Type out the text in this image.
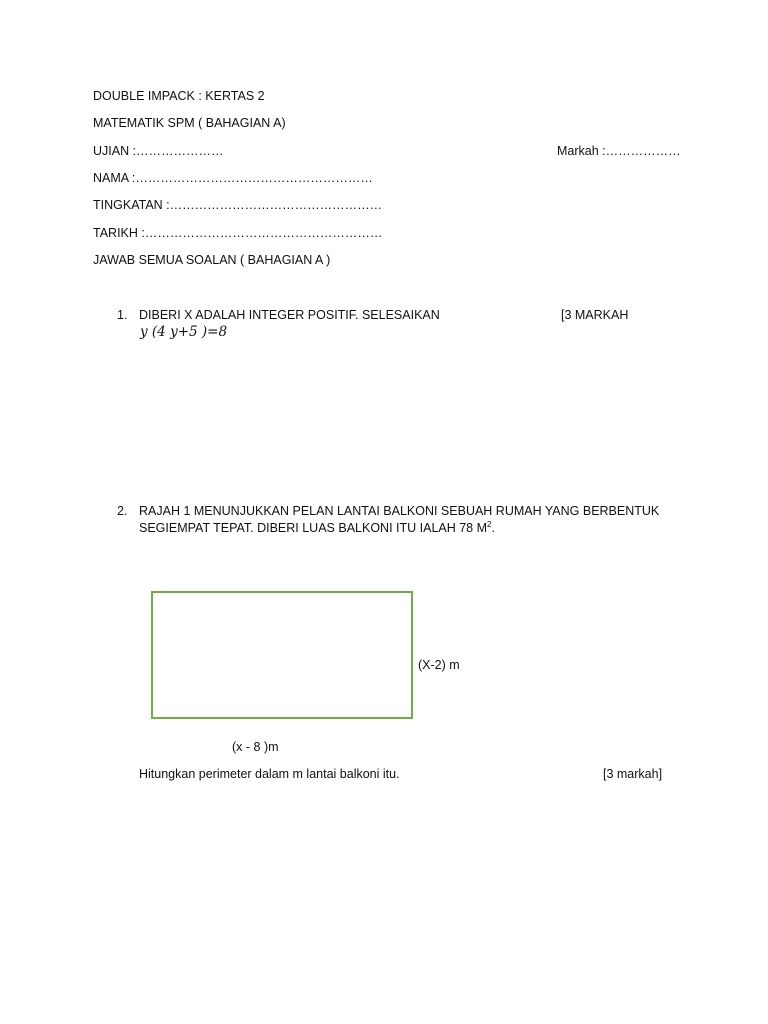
DOUBLE IMPACK : KERTAS 2
MATEMATIK SPM ( BAHAGIAN A)
UJIAN :…………………	Markah :………………
NAMA :…………………………………………………
TINGKATAN :……………………………………………
TARIKH :…………………………………………………
JAWAB SEMUA SOALAN ( BAHAGIAN A )
1. DIBERI X ADALAH INTEGER POSITIF. SELESAIKAN	[3 MARKAH
y (4 y+5 )=8
2. RAJAH 1 MENUNJUKKAN PELAN LANTAI BALKONI SEBUAH RUMAH YANG BERBENTUK
SEGIEMPAT TEPAT. DIBERI LUAS BALKONI ITU IALAH 78 $M^2$.
(X-2) m
(x - 8 )m
Hitungkan perimeter dalam m lantai balkoni itu.	[3 markah]
